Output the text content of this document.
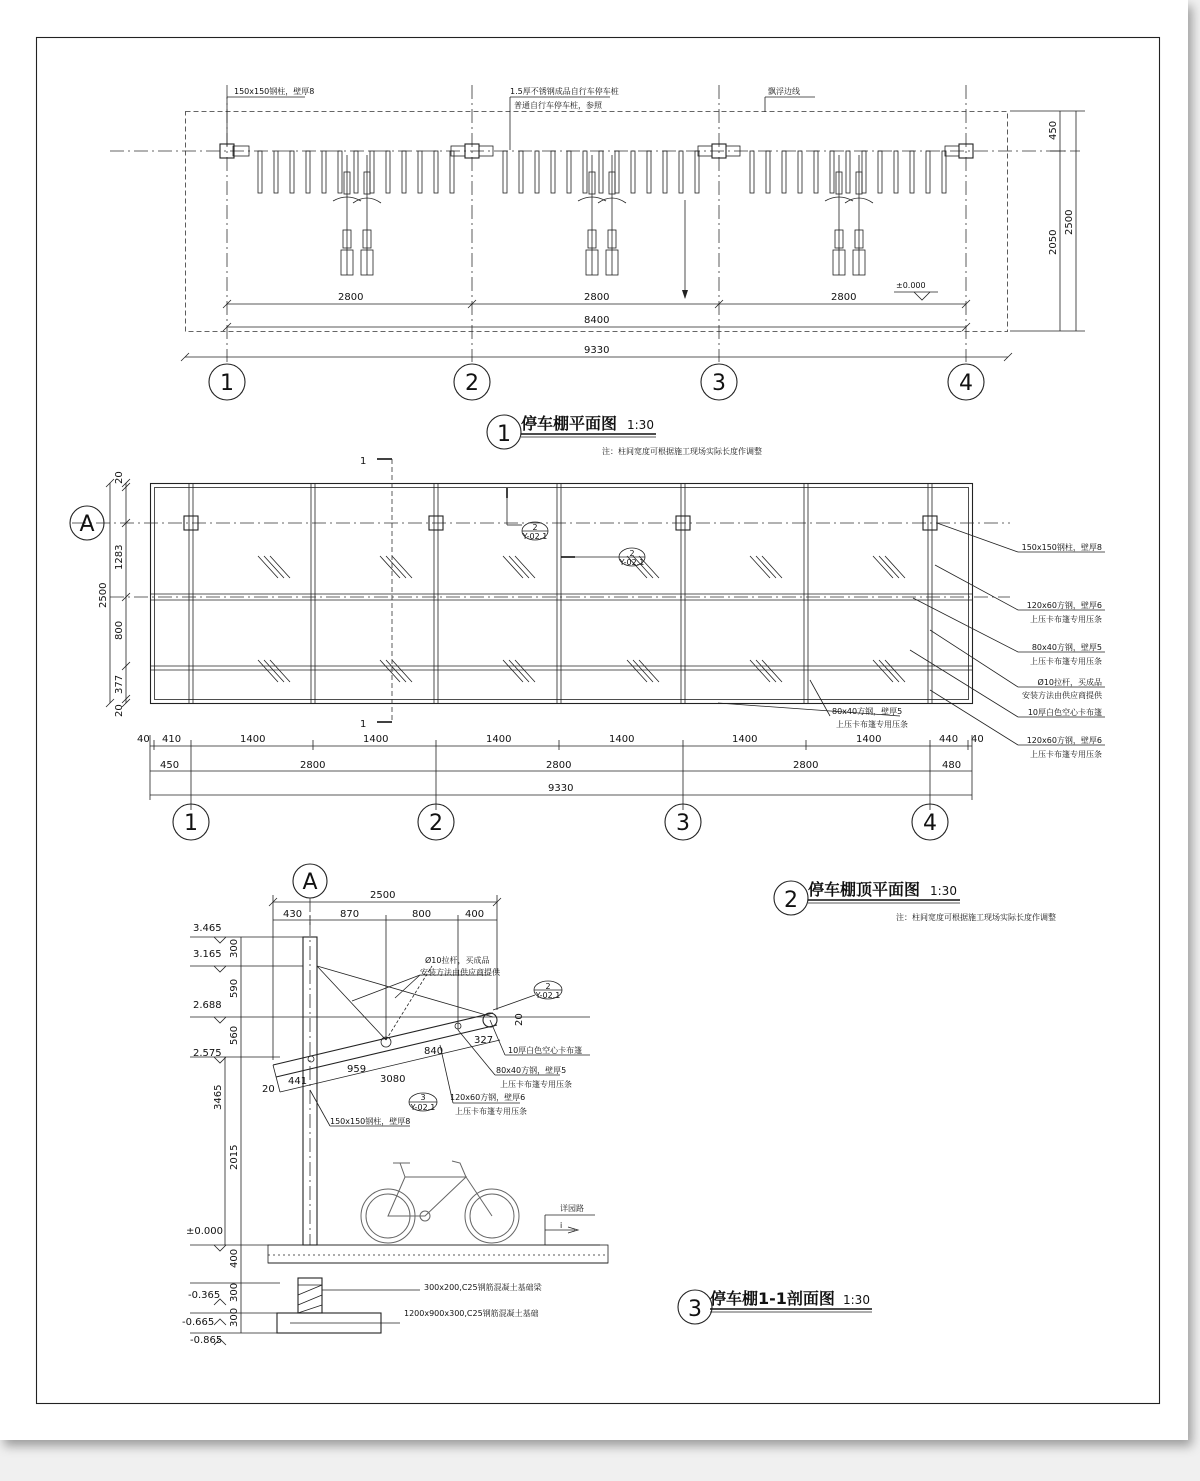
150x150钢柱，壁厚8	1.5厚不锈钢成品自行车停车桩
普通自行车停车桩，参照
飘浮边线
±0.000
2800	2800	2800
8400
9330
450
2050
2500
1	2	3	4
1 停车棚平面图 1:30
注：柱间宽度可根据施工现场实际长度作调整
1
1
2
Y-02.1
2
Y-02.1
A
150x150钢柱，壁厚8
120x60方钢，壁厚6
上压卡布篷专用压条
80x40方钢，壁厚5
上压卡布篷专用压条
Ø10拉杆，买成品
安装方法由供应商提供
10厚白色空心卡布篷
120x60方钢，壁厚6
上压卡布篷专用压条
80x40方钢，壁厚5
上压卡布篷专用压条
20
1283
800
377
20
2500
40 410	1400	1400	1400	1400	1400	1400	440 40
450	2800	2800	2800	480
9330
1	2	3	4
2 停车棚顶平面图 1:30
注：柱间宽度可根据施工现场实际长度作调整
A
2500
430	870	800	400
3.465
3.165
2.688
2.575
±0.000
-0.365
-0.665
-0.865
300
590
560
3465
2015
400
300
300
20
441
959
3080
840
327
20
Ø10拉杆，买成品
安装方法由供应商提供
10厚白色空心卡布篷
80x40方钢，壁厚5
上压卡布篷专用压条
120x60方钢，壁厚6
上压卡布篷专用压条
150x150钢柱，壁厚8
2
Y-02.1
3
Y-02.1
详园路
i
300x200,C25钢筋混凝土基础梁
1200x900x300,C25钢筋混凝土基础	3 停车棚1-1剖面图 1:30
